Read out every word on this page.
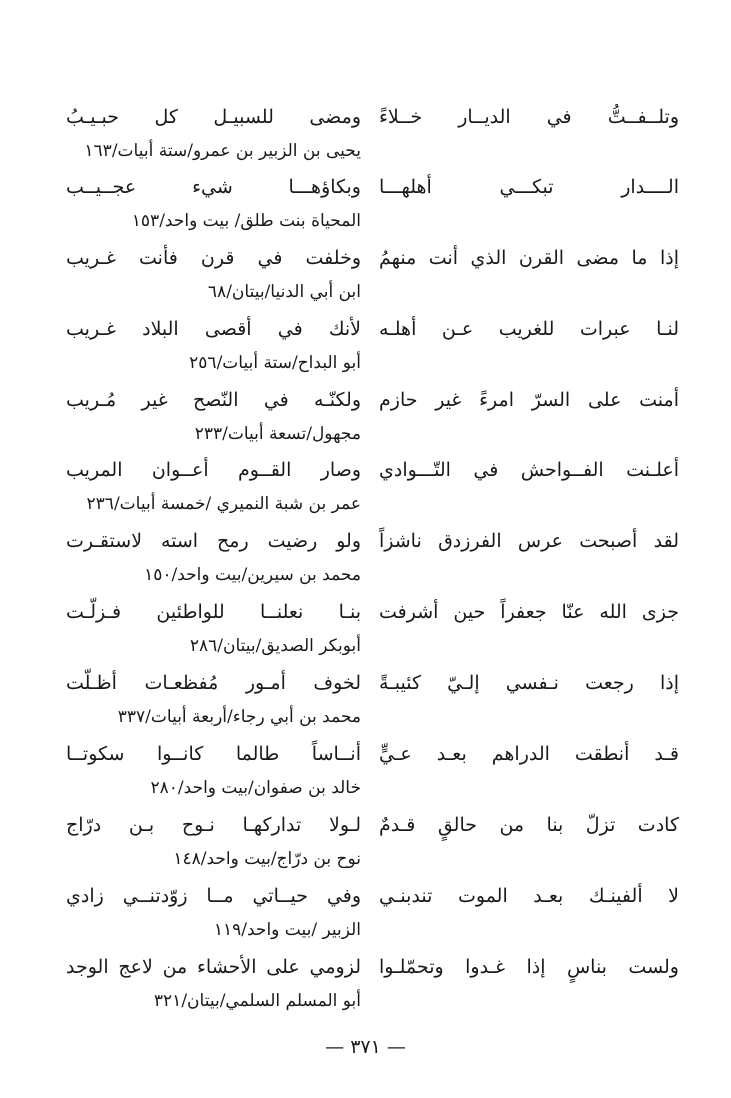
وتلــفــتُّ في الديــار خــلاءً
ومضى للسبيـل كل حبـيـبُ
يحيى بن الزبير بن عمرو/ستة أبيات/١٦٣
الــــدار تبكـــي أهلهـــا
وبكاؤهـــا شيء عجــيــب
المحياة بنت طلق/ بيت واحد/١٥٣
إذا ما مضى القرن الذي أنت منهمُ
وخلفت في قرن فأنت غـريب
ابن أبي الدنيا/بيتان/٦٨
لنـا عبرات للغريب عـن أهلـه
لأنك في أقصى البلاد غـريب
أبو البداح/ستة أبيات/٢٥٦
أمنت على السرّ امرءً غير حازم
ولكنّـه في النّصح غير مُـريب
مجهول/تسعة أبيات/٢٣٣
أعلـنت الفــواحش في التّـــوادي
وصار القــوم أعــوان المريب
عمر بن شبة النميري /خمسة أبيات/٢٣٦
لقد أصبحت عرس الفرزدق ناشزاً
ولو رضيت رمح استه لاستقـرت
محمد بن سيرين/بيت واحد/١٥٠
جزى الله عنّا جعفراً حين أشرفت
بنـا نعلنــا للواطئين فـزلّـت
أبوبكر الصديق/بيتان/٢٨٦
إذا رجعت نـفسي إلـيّ كئيبـةً
لخوف أمـور مُفظعـات أظـلّت
محمد بن أبي رجاء/أربعة أبيات/٣٣٧
قـد أنطقت الدراهم بعـد عـيٍّ
أنــاساً طالما كانــوا سكوتــا
خالد بن صفوان/بيت واحد/٢٨٠
كادت تزلّ بنا من حالقٍ قـدمٌ
لـولا تداركهـا نـوح بـن درّاج
نوح بن درّاج/بيت واحد/١٤٨
لا ألفينـك بعـد الموت تندبنـي
وفي حيــاتي مــا زوّدتنــي زادي
الزبير /بيت واحد/١١٩
ولست بناسٍ إذا غـدوا وتحمّلـوا
لزومي على الأحشاء من لاعج الوجد
أبو المسلم السلمي/بيتان/٣٢١
— ٣٧١ —
